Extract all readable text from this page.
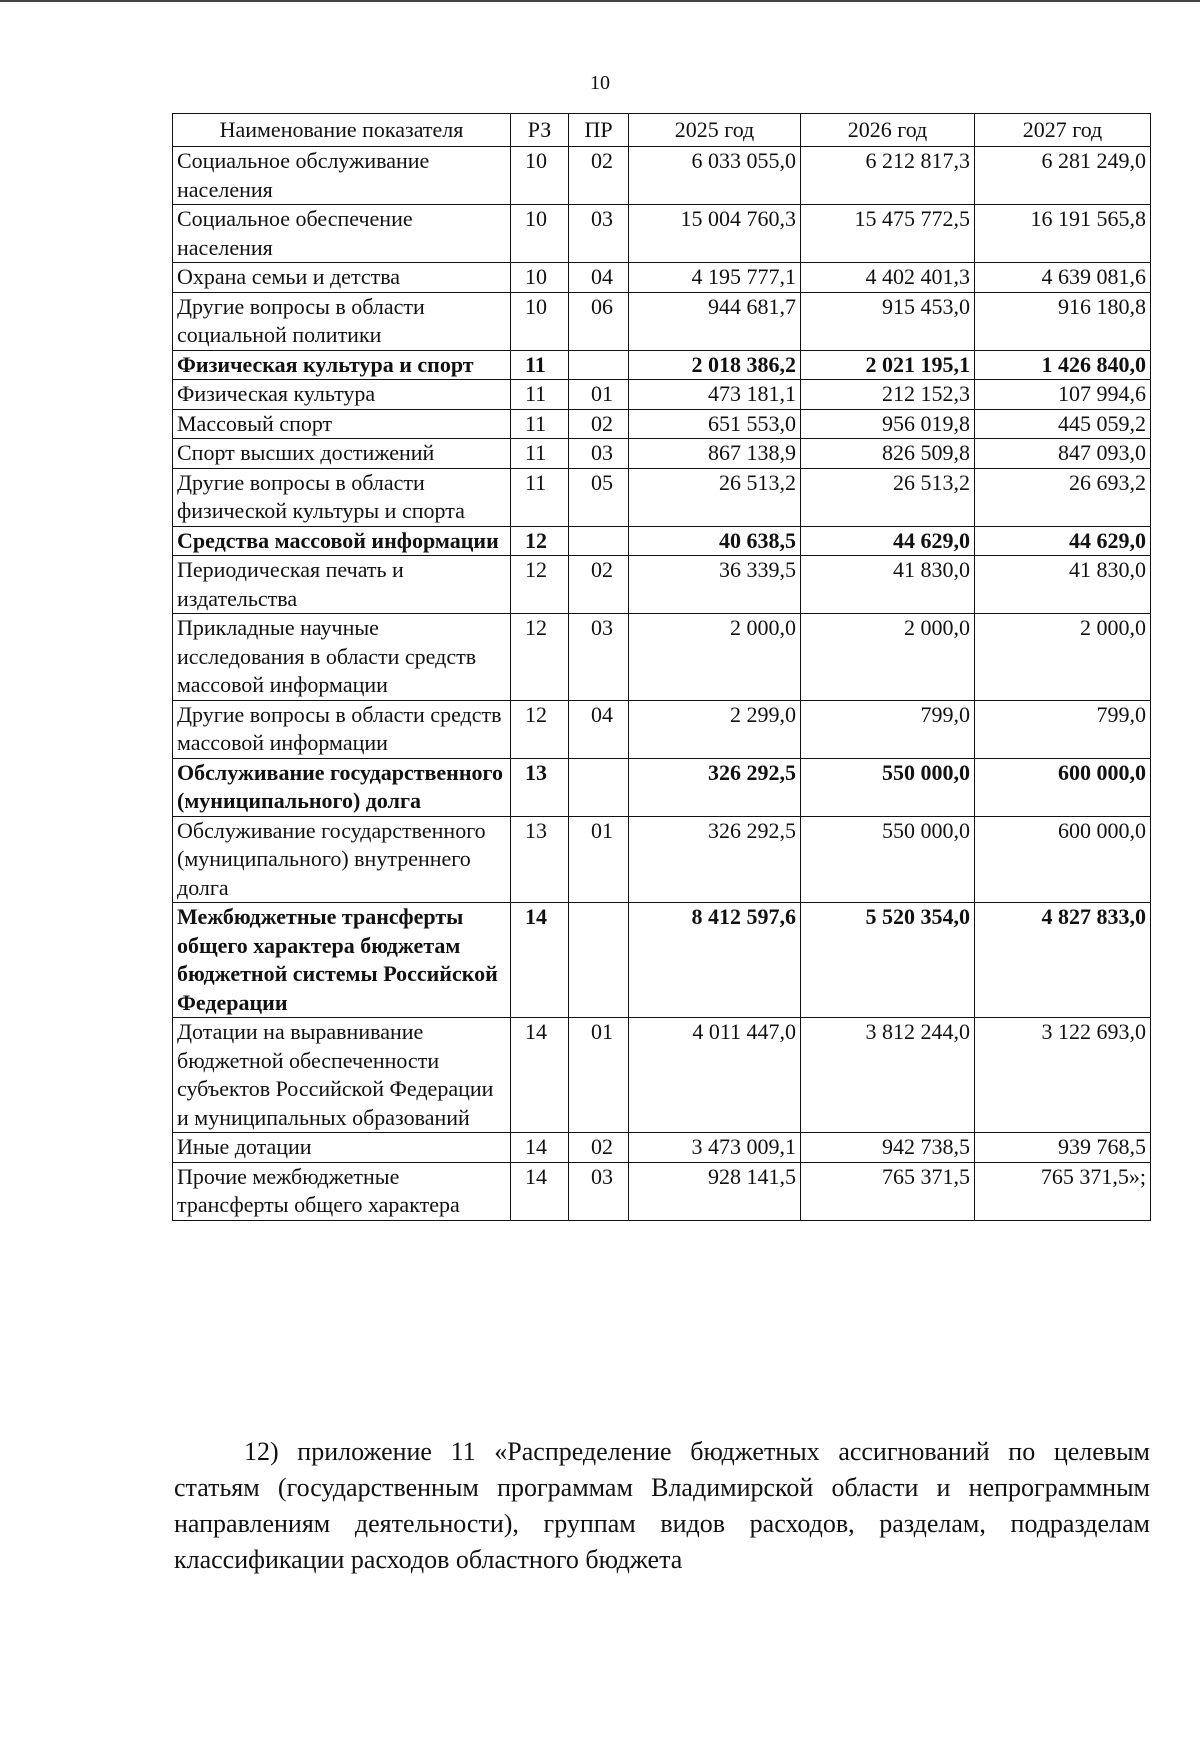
10
Наименование показателя	РЗ	ПР	2025 год	2026 год	2027 год
Социальное обслуживание населения	10	02	6 033 055,0	6 212 817,3	6 281 249,0
Социальное обеспечение населения	10	03	15 004 760,3	15 475 772,5	16 191 565,8
Охрана семьи и детства	10	04	4 195 777,1	4 402 401,3	4 639 081,6
Другие вопросы в области социальной политики	10	06	944 681,7	915 453,0	916 180,8
Физическая культура и спорт	11		2 018 386,2	2 021 195,1	1 426 840,0
Физическая культура	11	01	473 181,1	212 152,3	107 994,6
Массовый спорт	11	02	651 553,0	956 019,8	445 059,2
Спорт высших достижений	11	03	867 138,9	826 509,8	847 093,0
Другие вопросы в области физической культуры и спорта	11	05	26 513,2	26 513,2	26 693,2
Средства массовой информации	12		40 638,5	44 629,0	44 629,0
Периодическая печать и издательства	12	02	36 339,5	41 830,0	41 830,0
Прикладные научные исследования в области средств массовой информации	12	03	2 000,0	2 000,0	2 000,0
Другие вопросы в области средств массовой информации	12	04	2 299,0	799,0	799,0
Обслуживание государственного (муниципального) долга	13		326 292,5	550 000,0	600 000,0
Обслуживание государственного (муниципального) внутреннего долга	13	01	326 292,5	550 000,0	600 000,0
Межбюджетные трансферты общего характера бюджетам бюджетной системы Российской Федерации	14		8 412 597,6	5 520 354,0	4 827 833,0
Дотации на выравнивание бюджетной обеспеченности субъектов Российской Федерации и муниципальных образований	14	01	4 011 447,0	3 812 244,0	3 122 693,0
Иные дотации	14	02	3 473 009,1	942 738,5	939 768,5
Прочие межбюджетные трансферты общего характера	14	03	928 141,5	765 371,5	765 371,5»;
12) приложение 11 «Распределение бюджетных ассигнований по целевым статьям (государственным программам Владимирской области и непрограммным направлениям деятельности), группам видов расходов, разделам, подразделам классификации расходов областного бюджета
